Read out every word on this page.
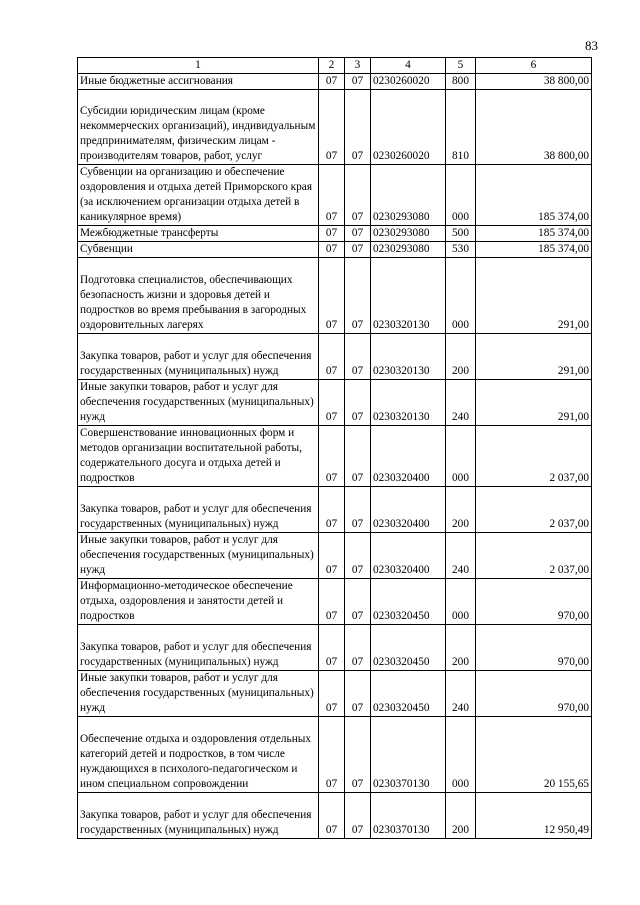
83
1	2	3	4	5	6
Иные бюджетные ассигнования	07	07	0230260020	800	38 800,00
Субсидии юридическим лицам (кроме некоммерческих организаций), индивидуальным предпринимателям, физическим лицам - производителям товаров, работ, услуг	07	07	0230260020	810	38 800,00
Субвенции на организацию и обеспечение оздоровления и отдыха детей Приморского края (за исключением организации отдыха детей в каникулярное время)	07	07	0230293080	000	185 374,00
Межбюджетные трансферты	07	07	0230293080	500	185 374,00
Субвенции	07	07	0230293080	530	185 374,00
Подготовка специалистов, обеспечивающих безопасность жизни и здоровья детей и подростков во время пребывания в загородных оздоровительных лагерях	07	07	0230320130	000	291,00
Закупка товаров, работ и услуг для обеспечения государственных (муниципальных) нужд	07	07	0230320130	200	291,00
Иные закупки товаров, работ и услуг для обеспечения государственных (муниципальных) нужд	07	07	0230320130	240	291,00
Совершенствование инновационных форм и методов организации воспитательной работы, содержательного досуга и отдыха детей и подростков	07	07	0230320400	000	2 037,00
Закупка товаров, работ и услуг для обеспечения государственных (муниципальных) нужд	07	07	0230320400	200	2 037,00
Иные закупки товаров, работ и услуг для обеспечения государственных (муниципальных) нужд	07	07	0230320400	240	2 037,00
Информационно-методическое обеспечение отдыха, оздоровления и занятости детей и подростков	07	07	0230320450	000	970,00
Закупка товаров, работ и услуг для обеспечения государственных (муниципальных) нужд	07	07	0230320450	200	970,00
Иные закупки товаров, работ и услуг для обеспечения государственных (муниципальных) нужд	07	07	0230320450	240	970,00
Обеспечение отдыха и оздоровления отдельных категорий детей и подростков, в том числе нуждающихся в психолого-педагогическом и ином специальном сопровождении	07	07	0230370130	000	20 155,65
Закупка товаров, работ и услуг для обеспечения государственных (муниципальных) нужд	07	07	0230370130	200	12 950,49
